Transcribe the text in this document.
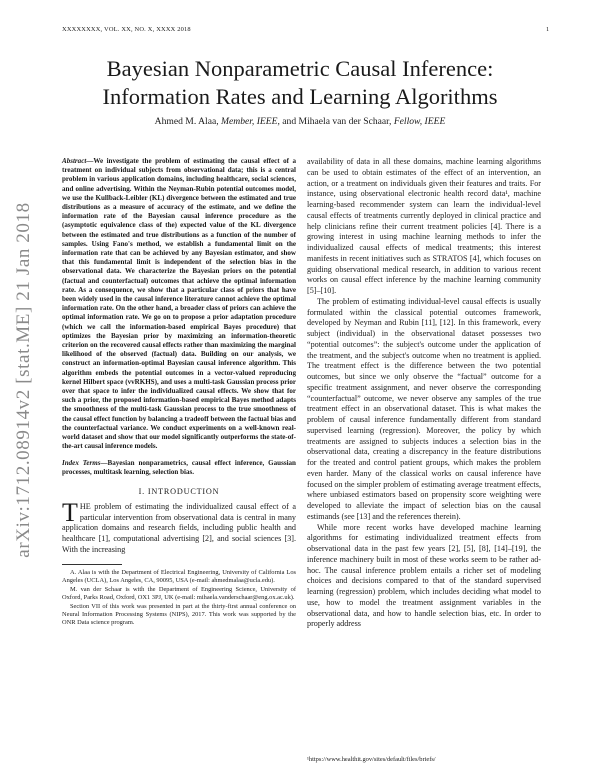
XXXXXXXX, VOL. XX, NO. X, XXXX 2018	1
arXiv:1712.08914v2 [stat.ME] 21 Jan 2018
Bayesian Nonparametric Causal Inference: Information Rates and Learning Algorithms
Ahmed M. Alaa, Member, IEEE, and Mihaela van der Schaar, Fellow, IEEE

Abstract—We investigate the problem of estimating the causal effect of a treatment on individual subjects from observational data; this is a central problem in various application domains, including healthcare, social sciences, and online advertising. Within the Neyman-Rubin potential outcomes model, we use the Kullback-Leibler (KL) divergence between the estimated and true distributions as a measure of accuracy of the estimate, and we define the information rate of the Bayesian causal inference procedure as the (asymptotic equivalence class of the) expected value of the KL divergence between the estimated and true distributions as a function of the number of samples. Using Fano's method, we establish a fundamental limit on the information rate that can be achieved by any Bayesian estimator, and show that this fundamental limit is independent of the selection bias in the observational data. We characterize the Bayesian priors on the potential (factual and counterfactual) outcomes that achieve the optimal information rate. As a consequence, we show that a particular class of priors that have been widely used in the causal inference literature cannot achieve the optimal information rate. On the other hand, a broader class of priors can achieve the optimal information rate. We go on to propose a prior adaptation procedure (which we call the information-based empirical Bayes procedure) that optimizes the Bayesian prior by maximizing an information-theoretic criterion on the recovered causal effects rather than maximizing the marginal likelihood of the observed (factual) data. Building on our analysis, we construct an information-optimal Bayesian causal inference algorithm. This algorithm embeds the potential outcomes in a vector-valued reproducing kernel Hilbert space (vvRKHS), and uses a multi-task Gaussian process prior over that space to infer the individualized causal effects. We show that for such a prior, the proposed information-based empirical Bayes method adapts the smoothness of the multi-task Gaussian process to the true smoothness of the causal effect function by balancing a tradeoff between the factual bias and the counterfactual variance. We conduct experiments on a well-known real-world dataset and show that our model significantly outperforms the state-of-the-art causal inference models.

Index Terms—Bayesian nonparametrics, causal effect inference, Gaussian processes, multitask learning, selection bias.

I. INTRODUCTION

THE problem of estimating the individualized causal effect of a particular intervention from observational data is central in many application domains and research fields, including public health and healthcare [1], computational advertising [2], and social sciences [3]. With the increasing

A. Alaa is with the Department of Electrical Engineering, University of California Los Angeles (UCLA), Los Angeles, CA, 90095, USA (e-mail: ahmedmalaa@ucla.edu).

M. van der Schaar is with the Department of Engineering Science, University of Oxford, Parks Road, Oxford, OX1 3PJ, UK (e-mail: mihaela.vanderschaar@eng.ox.ac.uk).

Section VII of this work was presented in part at the thirty-first annual conference on Neural Information Processing Systems (NIPS), 2017. This work was supported by the ONR Data science program.

availability of data in all these domains, machine learning algorithms can be used to obtain estimates of the effect of an intervention, an action, or a treatment on individuals given their features and traits. For instance, using observational electronic health record data¹, machine learning-based recommender system can learn the individual-level causal effects of treatments currently deployed in clinical practice and help clinicians refine their current treatment policies [4]. There is a growing interest in using machine learning methods to infer the individualized causal effects of medical treatments; this interest manifests in recent initiatives such as STRATOS [4], which focuses on guiding observational medical research, in addition to various recent works on causal effect inference by the machine learning community [5]–[10].

The problem of estimating individual-level causal effects is usually formulated within the classical potential outcomes framework, developed by Neyman and Rubin [11], [12]. In this framework, every subject (individual) in the observational dataset possesses two “potential outcomes”: the subject's outcome under the application of the treatment, and the subject's outcome when no treatment is applied. The treatment effect is the difference between the two potential outcomes, but since we only observe the “factual” outcome for a specific treatment assignment, and never observe the corresponding “counterfactual” outcome, we never observe any samples of the true treatment effect in an observational dataset. This is what makes the problem of causal inference fundamentally different from standard supervised learning (regression). Moreover, the policy by which treatments are assigned to subjects induces a selection bias in the observational data, creating a discrepancy in the feature distributions for the treated and control patient groups, which makes the problem even harder. Many of the classical works on causal inference have focused on the simpler problem of estimating average treatment effects, where unbiased estimators based on propensity score weighting were developed to alleviate the impact of selection bias on the causal estimands (see [13] and the references therein).

While more recent works have developed machine learning algorithms for estimating individualized treatment effects from observational data in the past few years [2], [5], [8], [14]–[19], the inference machinery built in most of these works seem to be rather ad-hoc. The causal inference problem entails a richer set of modeling choices and decisions compared to that of the standard supervised learning (regression) problem, which includes deciding what model to use, how to model the treatment assignment variables in the observational data, and how to handle selection bias, etc. In order to properly address

¹https://www.healthit.gov/sites/default/files/briefs/
